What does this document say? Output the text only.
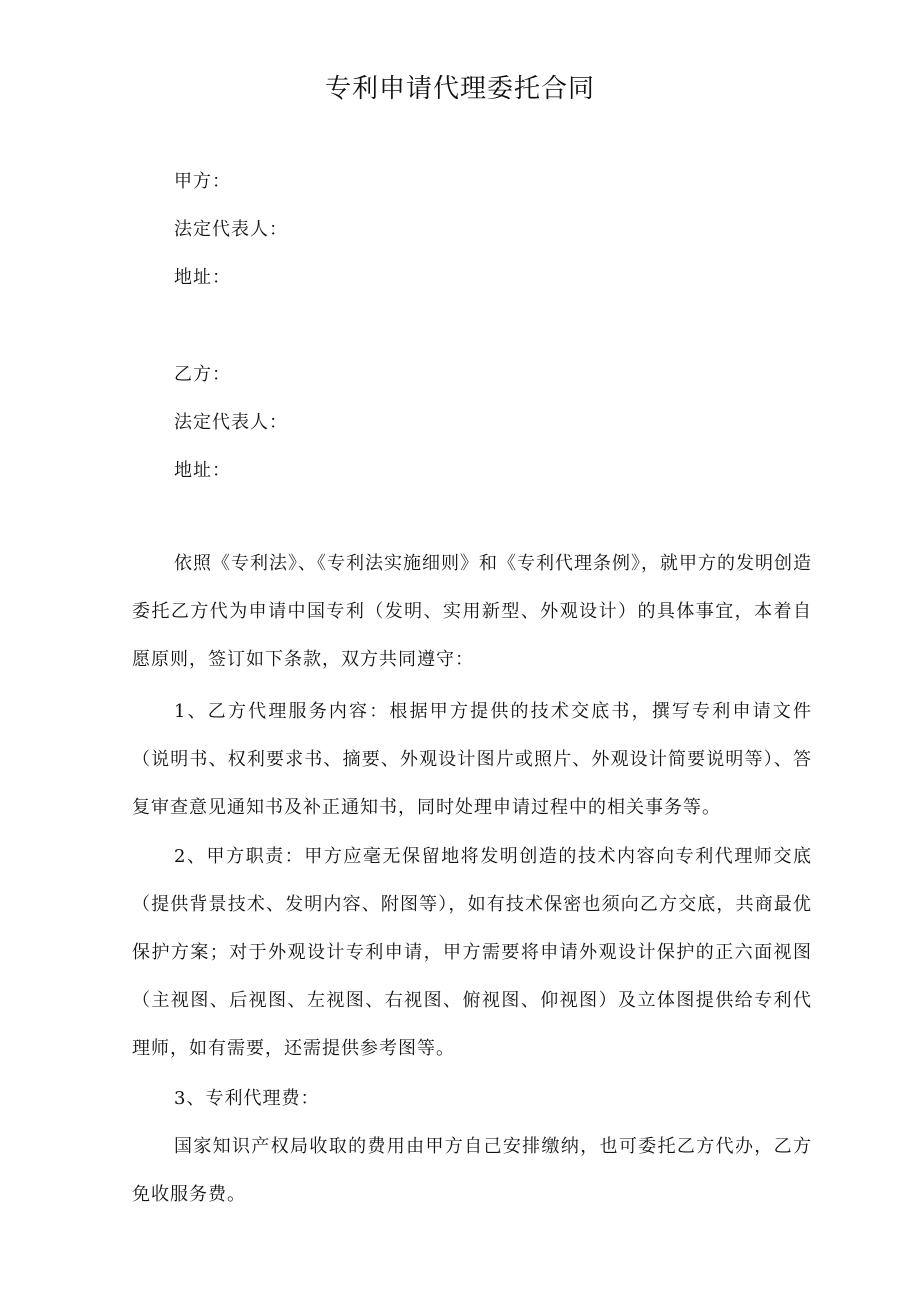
专利申请代理委托合同
甲方：
法定代表人：
地址：
乙方：
法定代表人：
地址：
依照《专利法》、《专利法实施细则》和《专利代理条例》，就甲方的发明创造委托乙方代为申请中国专利（发明、实用新型、外观设计）的具体事宜，本着自愿原则，签订如下条款，双方共同遵守：
1、乙方代理服务内容：根据甲方提供的技术交底书，撰写专利申请文件（说明书、权利要求书、摘要、外观设计图片或照片、外观设计简要说明等）、答复审查意见通知书及补正通知书，同时处理申请过程中的相关事务等。
2、甲方职责：甲方应毫无保留地将发明创造的技术内容向专利代理师交底（提供背景技术、发明内容、附图等），如有技术保密也须向乙方交底，共商最优保护方案；对于外观设计专利申请，甲方需要将申请外观设计保护的正六面视图（主视图、后视图、左视图、右视图、俯视图、仰视图）及立体图提供给专利代理师，如有需要，还需提供参考图等。
3、专利代理费：
国家知识产权局收取的费用由甲方自己安排缴纳，也可委托乙方代办，乙方免收服务费。
